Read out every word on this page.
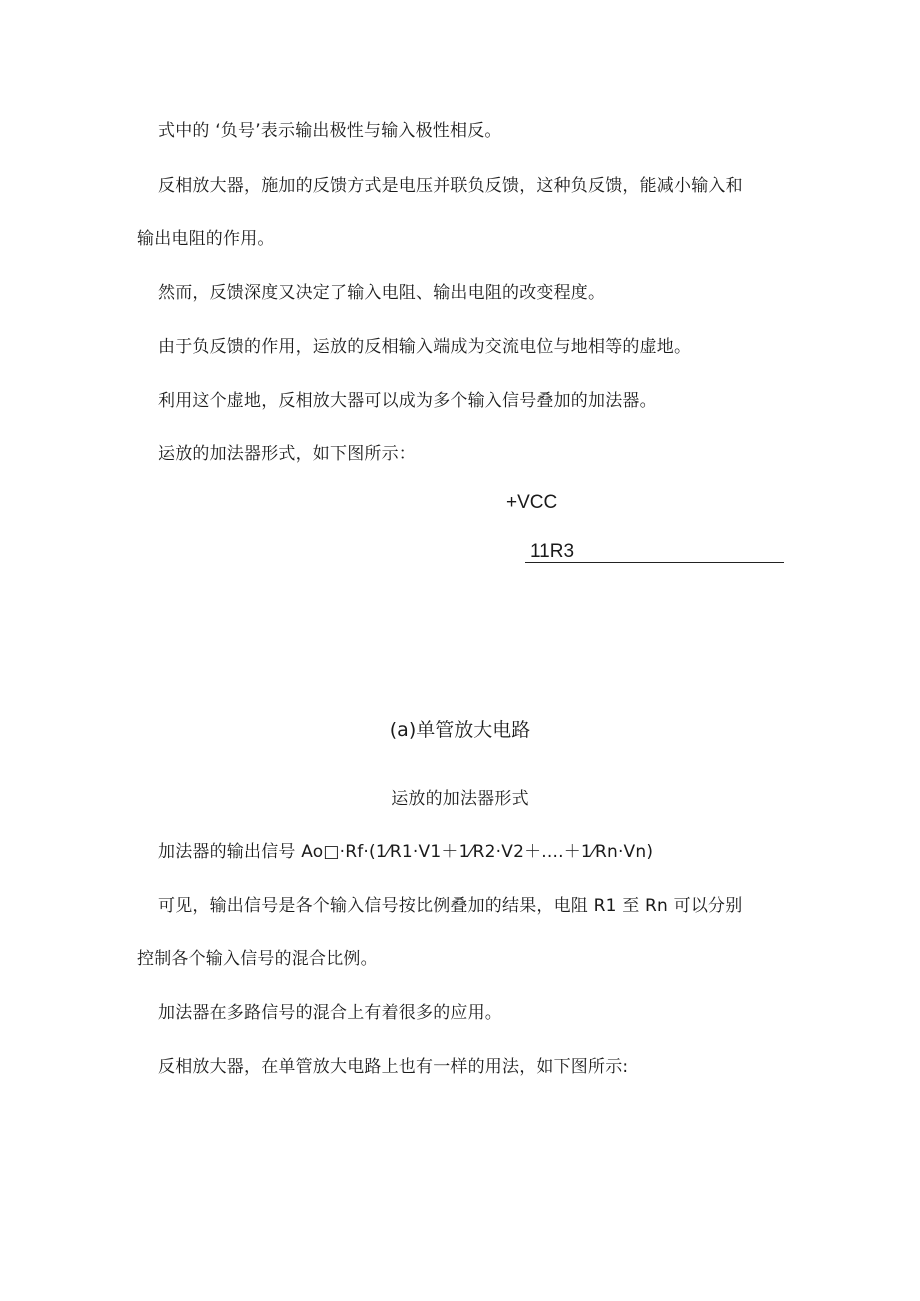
式中的 ‘负号’表示输出极性与输入极性相反。
反相放大器，施加的反馈方式是电压并联负反馈，这种负反馈，能减小输入和
输出电阻的作用。
然而，反馈深度又决定了输入电阻、输出电阻的改变程度。
由于负反馈的作用，运放的反相输入端成为交流电位与地相等的虚地。
利用这个虚地，反相放大器可以成为多个输入信号叠加的加法器。
运放的加法器形式，如下图所示：
+VCC
11R3
(a)单管放大电路
运放的加法器形式
加法器的输出信号 Ao□·Rf·(1⁄R1·V1＋1⁄R2·V2＋....＋1⁄Rn·Vn)
可见，输出信号是各个输入信号按比例叠加的结果，电阻 R1 至 Rn 可以分别
控制各个输入信号的混合比例。
加法器在多路信号的混合上有着很多的应用。
反相放大器，在单管放大电路上也有一样的用法，如下图所示:
